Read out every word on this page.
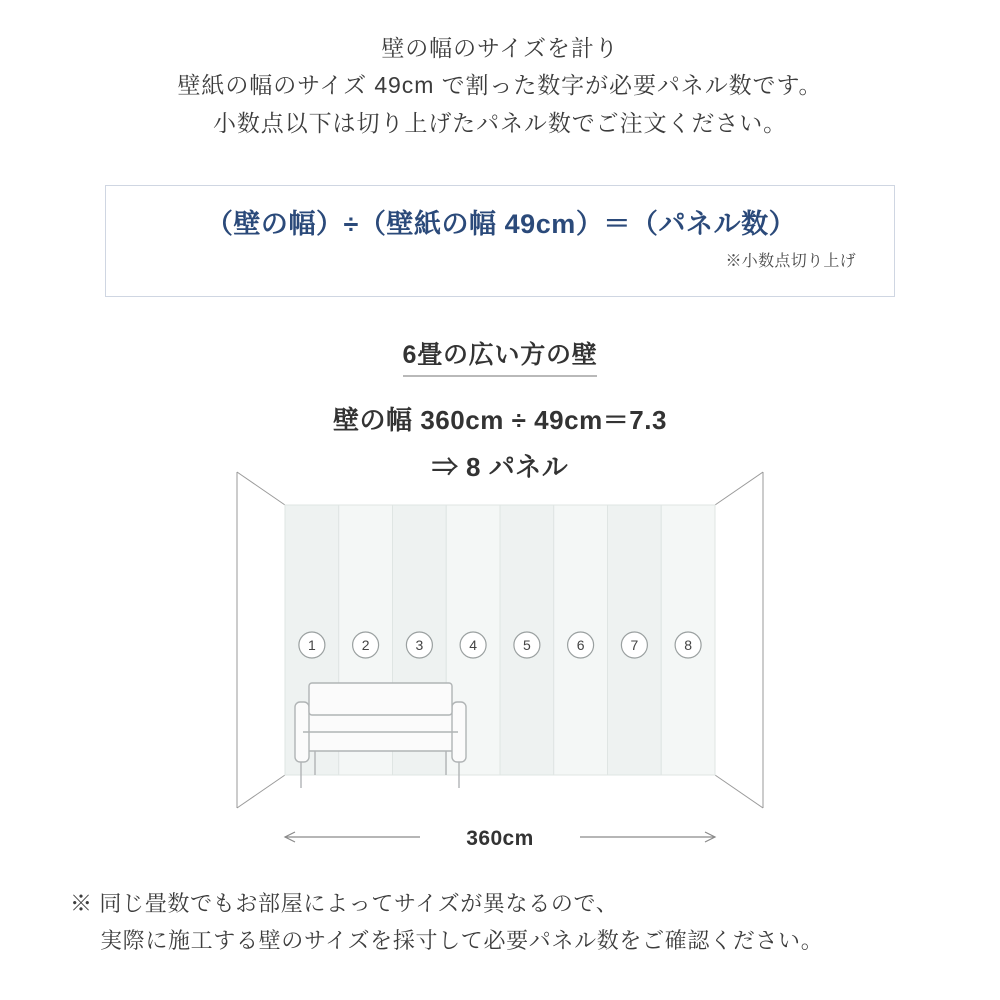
壁の幅のサイズを計り
壁紙の幅のサイズ 49cm で割った数字が必要パネル数です。
小数点以下は切り上げたパネル数でご注文ください。
（壁の幅）÷（壁紙の幅 49cm）＝（パネル数）
※小数点切り上げ
6畳の広い方の壁
壁の幅 360cm ÷ 49cm＝7.3
⇒ 8 パネル
1	2	3	4	5	6	7	8
360cm
※ 同じ畳数でもお部屋によってサイズが異なるので、
実際に施工する壁のサイズを採寸して必要パネル数をご確認ください。
